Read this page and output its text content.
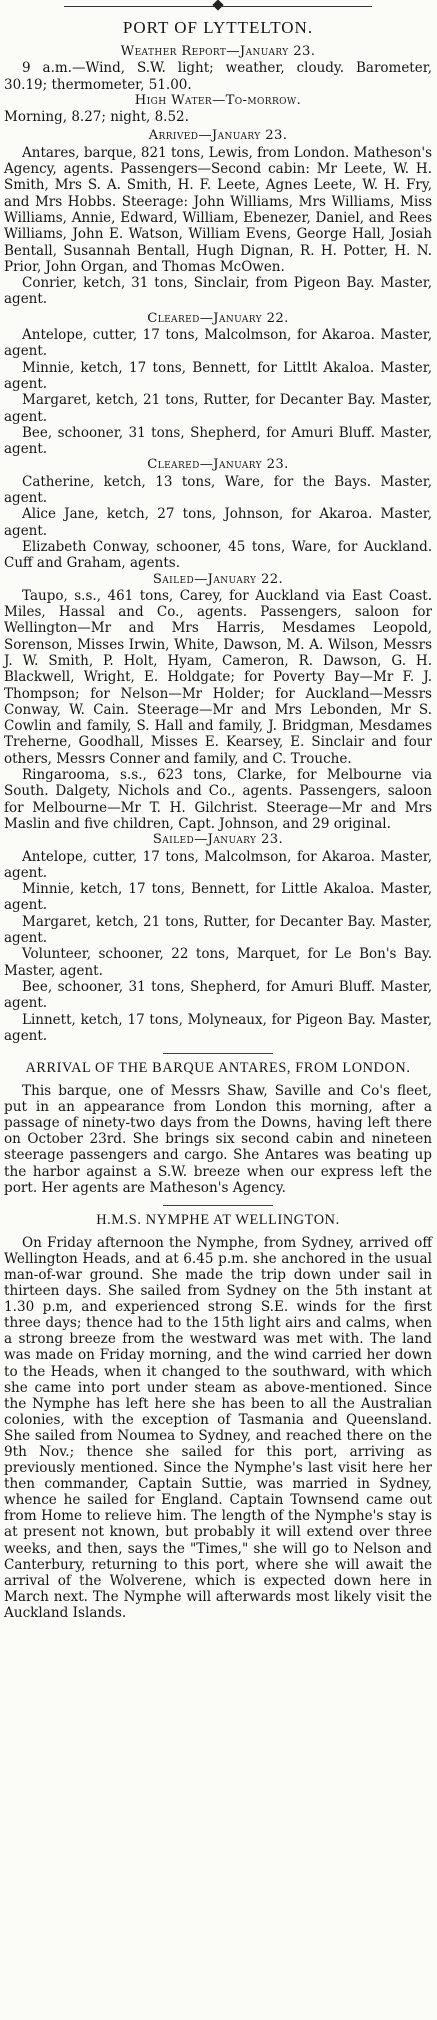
PORT OF LYTTELTON.
Weather Report—January 23.

9 a.m.—Wind, S.W. light; weather, cloudy. Barometer, 30.19; thermometer, 51.00.

High Water—To-morrow.

Morning, 8.27; night, 8.52.

Arrived—January 23.

Antares, barque, 821 tons, Lewis, from London. Matheson's Agency, agents. Passengers—Second cabin: Mr Leete, W. H. Smith, Mrs S. A. Smith, H. F. Leete, Agnes Leete, W. H. Fry, and Mrs Hobbs. Steerage: John Williams, Mrs Williams, Miss Williams, Annie, Edward, William, Ebenezer, Daniel, and Rees Williams, John E. Watson, William Evens, George Hall, Josiah Bentall, Susannah Bentall, Hugh Dignan, R. H. Potter, H. N. Prior, John Organ, and Thomas McOwen.

Conrier, ketch, 31 tons, Sinclair, from Pigeon Bay. Master, agent.

Cleared—January 22.

Antelope, cutter, 17 tons, Malcolmson, for Akaroa. Master, agent.

Minnie, ketch, 17 tons, Bennett, for Littlt Akaloa. Master, agent.

Margaret, ketch, 21 tons, Rutter, for Decanter Bay. Master, agent.

Bee, schooner, 31 tons, Shepherd, for Amuri Bluff. Master, agent.

Cleared—January 23.

Catherine, ketch, 13 tons, Ware, for the Bays. Master, agent.

Alice Jane, ketch, 27 tons, Johnson, for Akaroa. Master, agent.

Elizabeth Conway, schooner, 45 tons, Ware, for Auckland. Cuff and Graham, agents.

Sailed—January 22.

Taupo, s.s., 461 tons, Carey, for Auckland via East Coast. Miles, Hassal and Co., agents. Passengers, saloon for Wellington—Mr and Mrs Harris, Mesdames Leopold, Sorenson, Misses Irwin, White, Dawson, M. A. Wilson, Messrs J. W. Smith, P. Holt, Hyam, Cameron, R. Dawson, G. H. Blackwell, Wright, E. Holdgate; for Poverty Bay—Mr F. J. Thompson; for Nelson—Mr Holder; for Auckland—Messrs Conway, W. Cain. Steerage—Mr and Mrs Lebonden, Mr S. Cowlin and family, S. Hall and family, J. Bridgman, Mesdames Treherne, Goodhall, Misses E. Kearsey, E. Sinclair and four others, Messrs Conner and family, and C. Trouche.

Ringarooma, s.s., 623 tons, Clarke, for Melbourne via South. Dalgety, Nichols and Co., agents. Passengers, saloon for Melbourne—Mr T. H. Gilchrist. Steerage—Mr and Mrs Maslin and five children, Capt. Johnson, and 29 original.

Sailed—January 23.

Antelope, cutter, 17 tons, Malcolmson, for Akaroa. Master, agent.

Minnie, ketch, 17 tons, Bennett, for Little Akaloa. Master, agent.

Margaret, ketch, 21 tons, Rutter, for Decanter Bay. Master, agent.

Volunteer, schooner, 22 tons, Marquet, for Le Bon's Bay. Master, agent.

Bee, schooner, 31 tons, Shepherd, for Amuri Bluff. Master, agent.

Linnett, ketch, 17 tons, Molyneaux, for Pigeon Bay. Master, agent.

ARRIVAL OF THE BARQUE ANTARES, FROM LONDON.

This barque, one of Messrs Shaw, Saville and Co's fleet, put in an appearance from London this morning, after a passage of ninety-two days from the Downs, having left there on October 23rd. She brings six second cabin and nineteen steerage passengers and cargo. She Antares was beating up the harbor against a S.W. breeze when our express left the port. Her agents are Matheson's Agency.

H.M.S. NYMPHE AT WELLINGTON.

On Friday afternoon the Nymphe, from Sydney, arrived off Wellington Heads, and at 6.45 p.m. she anchored in the usual man-of-war ground. She made the trip down under sail in thirteen days. She sailed from Sydney on the 5th instant at 1.30 p.m, and experienced strong S.E. winds for the first three days; thence had to the 15th light airs and calms, when a strong breeze from the westward was met with. The land was made on Friday morning, and the wind carried her down to the Heads, when it changed to the southward, with which she came into port under steam as above-mentioned. Since the Nymphe has left here she has been to all the Australian colonies, with the exception of Tasmania and Queensland. She sailed from Noumea to Sydney, and reached there on the 9th Nov.; thence she sailed for this port, arriving as previously mentioned. Since the Nymphe's last visit here her then commander, Captain Suttie, was married in Sydney, whence he sailed for England. Captain Townsend came out from Home to relieve him. The length of the Nymphe's stay is at present not known, but probably it will extend over three weeks, and then, says the "Times," she will go to Nelson and Canterbury, returning to this port, where she will await the arrival of the Wolverene, which is expected down here in March next. The Nymphe will afterwards most likely visit the Auckland Islands.
